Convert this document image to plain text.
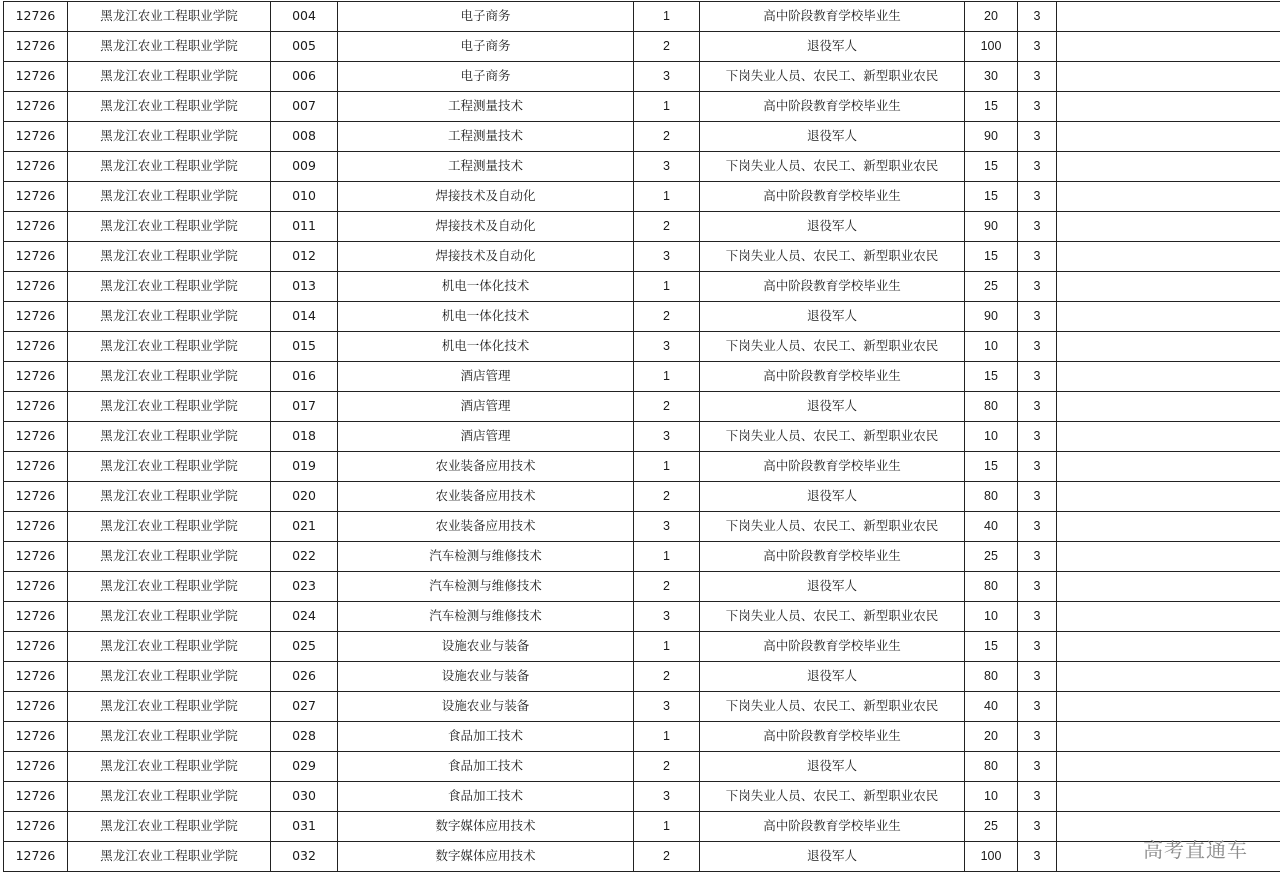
12726	黑龙江农业工程职业学院	004	电子商务	1	高中阶段教育学校毕业生	20	3	
12726	黑龙江农业工程职业学院	005	电子商务	2	退役军人	100	3	
12726	黑龙江农业工程职业学院	006	电子商务	3	下岗失业人员、农民工、新型职业农民	30	3	
12726	黑龙江农业工程职业学院	007	工程测量技术	1	高中阶段教育学校毕业生	15	3	
12726	黑龙江农业工程职业学院	008	工程测量技术	2	退役军人	90	3	
12726	黑龙江农业工程职业学院	009	工程测量技术	3	下岗失业人员、农民工、新型职业农民	15	3	
12726	黑龙江农业工程职业学院	010	焊接技术及自动化	1	高中阶段教育学校毕业生	15	3	
12726	黑龙江农业工程职业学院	011	焊接技术及自动化	2	退役军人	90	3	
12726	黑龙江农业工程职业学院	012	焊接技术及自动化	3	下岗失业人员、农民工、新型职业农民	15	3	
12726	黑龙江农业工程职业学院	013	机电一体化技术	1	高中阶段教育学校毕业生	25	3	
12726	黑龙江农业工程职业学院	014	机电一体化技术	2	退役军人	90	3	
12726	黑龙江农业工程职业学院	015	机电一体化技术	3	下岗失业人员、农民工、新型职业农民	10	3	
12726	黑龙江农业工程职业学院	016	酒店管理	1	高中阶段教育学校毕业生	15	3	
12726	黑龙江农业工程职业学院	017	酒店管理	2	退役军人	80	3	
12726	黑龙江农业工程职业学院	018	酒店管理	3	下岗失业人员、农民工、新型职业农民	10	3	
12726	黑龙江农业工程职业学院	019	农业装备应用技术	1	高中阶段教育学校毕业生	15	3	
12726	黑龙江农业工程职业学院	020	农业装备应用技术	2	退役军人	80	3	
12726	黑龙江农业工程职业学院	021	农业装备应用技术	3	下岗失业人员、农民工、新型职业农民	40	3	
12726	黑龙江农业工程职业学院	022	汽车检测与维修技术	1	高中阶段教育学校毕业生	25	3	
12726	黑龙江农业工程职业学院	023	汽车检测与维修技术	2	退役军人	80	3	
12726	黑龙江农业工程职业学院	024	汽车检测与维修技术	3	下岗失业人员、农民工、新型职业农民	10	3	
12726	黑龙江农业工程职业学院	025	设施农业与装备	1	高中阶段教育学校毕业生	15	3	
12726	黑龙江农业工程职业学院	026	设施农业与装备	2	退役军人	80	3	
12726	黑龙江农业工程职业学院	027	设施农业与装备	3	下岗失业人员、农民工、新型职业农民	40	3	
12726	黑龙江农业工程职业学院	028	食品加工技术	1	高中阶段教育学校毕业生	20	3	
12726	黑龙江农业工程职业学院	029	食品加工技术	2	退役军人	80	3	
12726	黑龙江农业工程职业学院	030	食品加工技术	3	下岗失业人员、农民工、新型职业农民	10	3	
12726	黑龙江农业工程职业学院	031	数字媒体应用技术	1	高中阶段教育学校毕业生	25	3	
12726	黑龙江农业工程职业学院	032	数字媒体应用技术	2	退役军人	100	3		高考直通车
